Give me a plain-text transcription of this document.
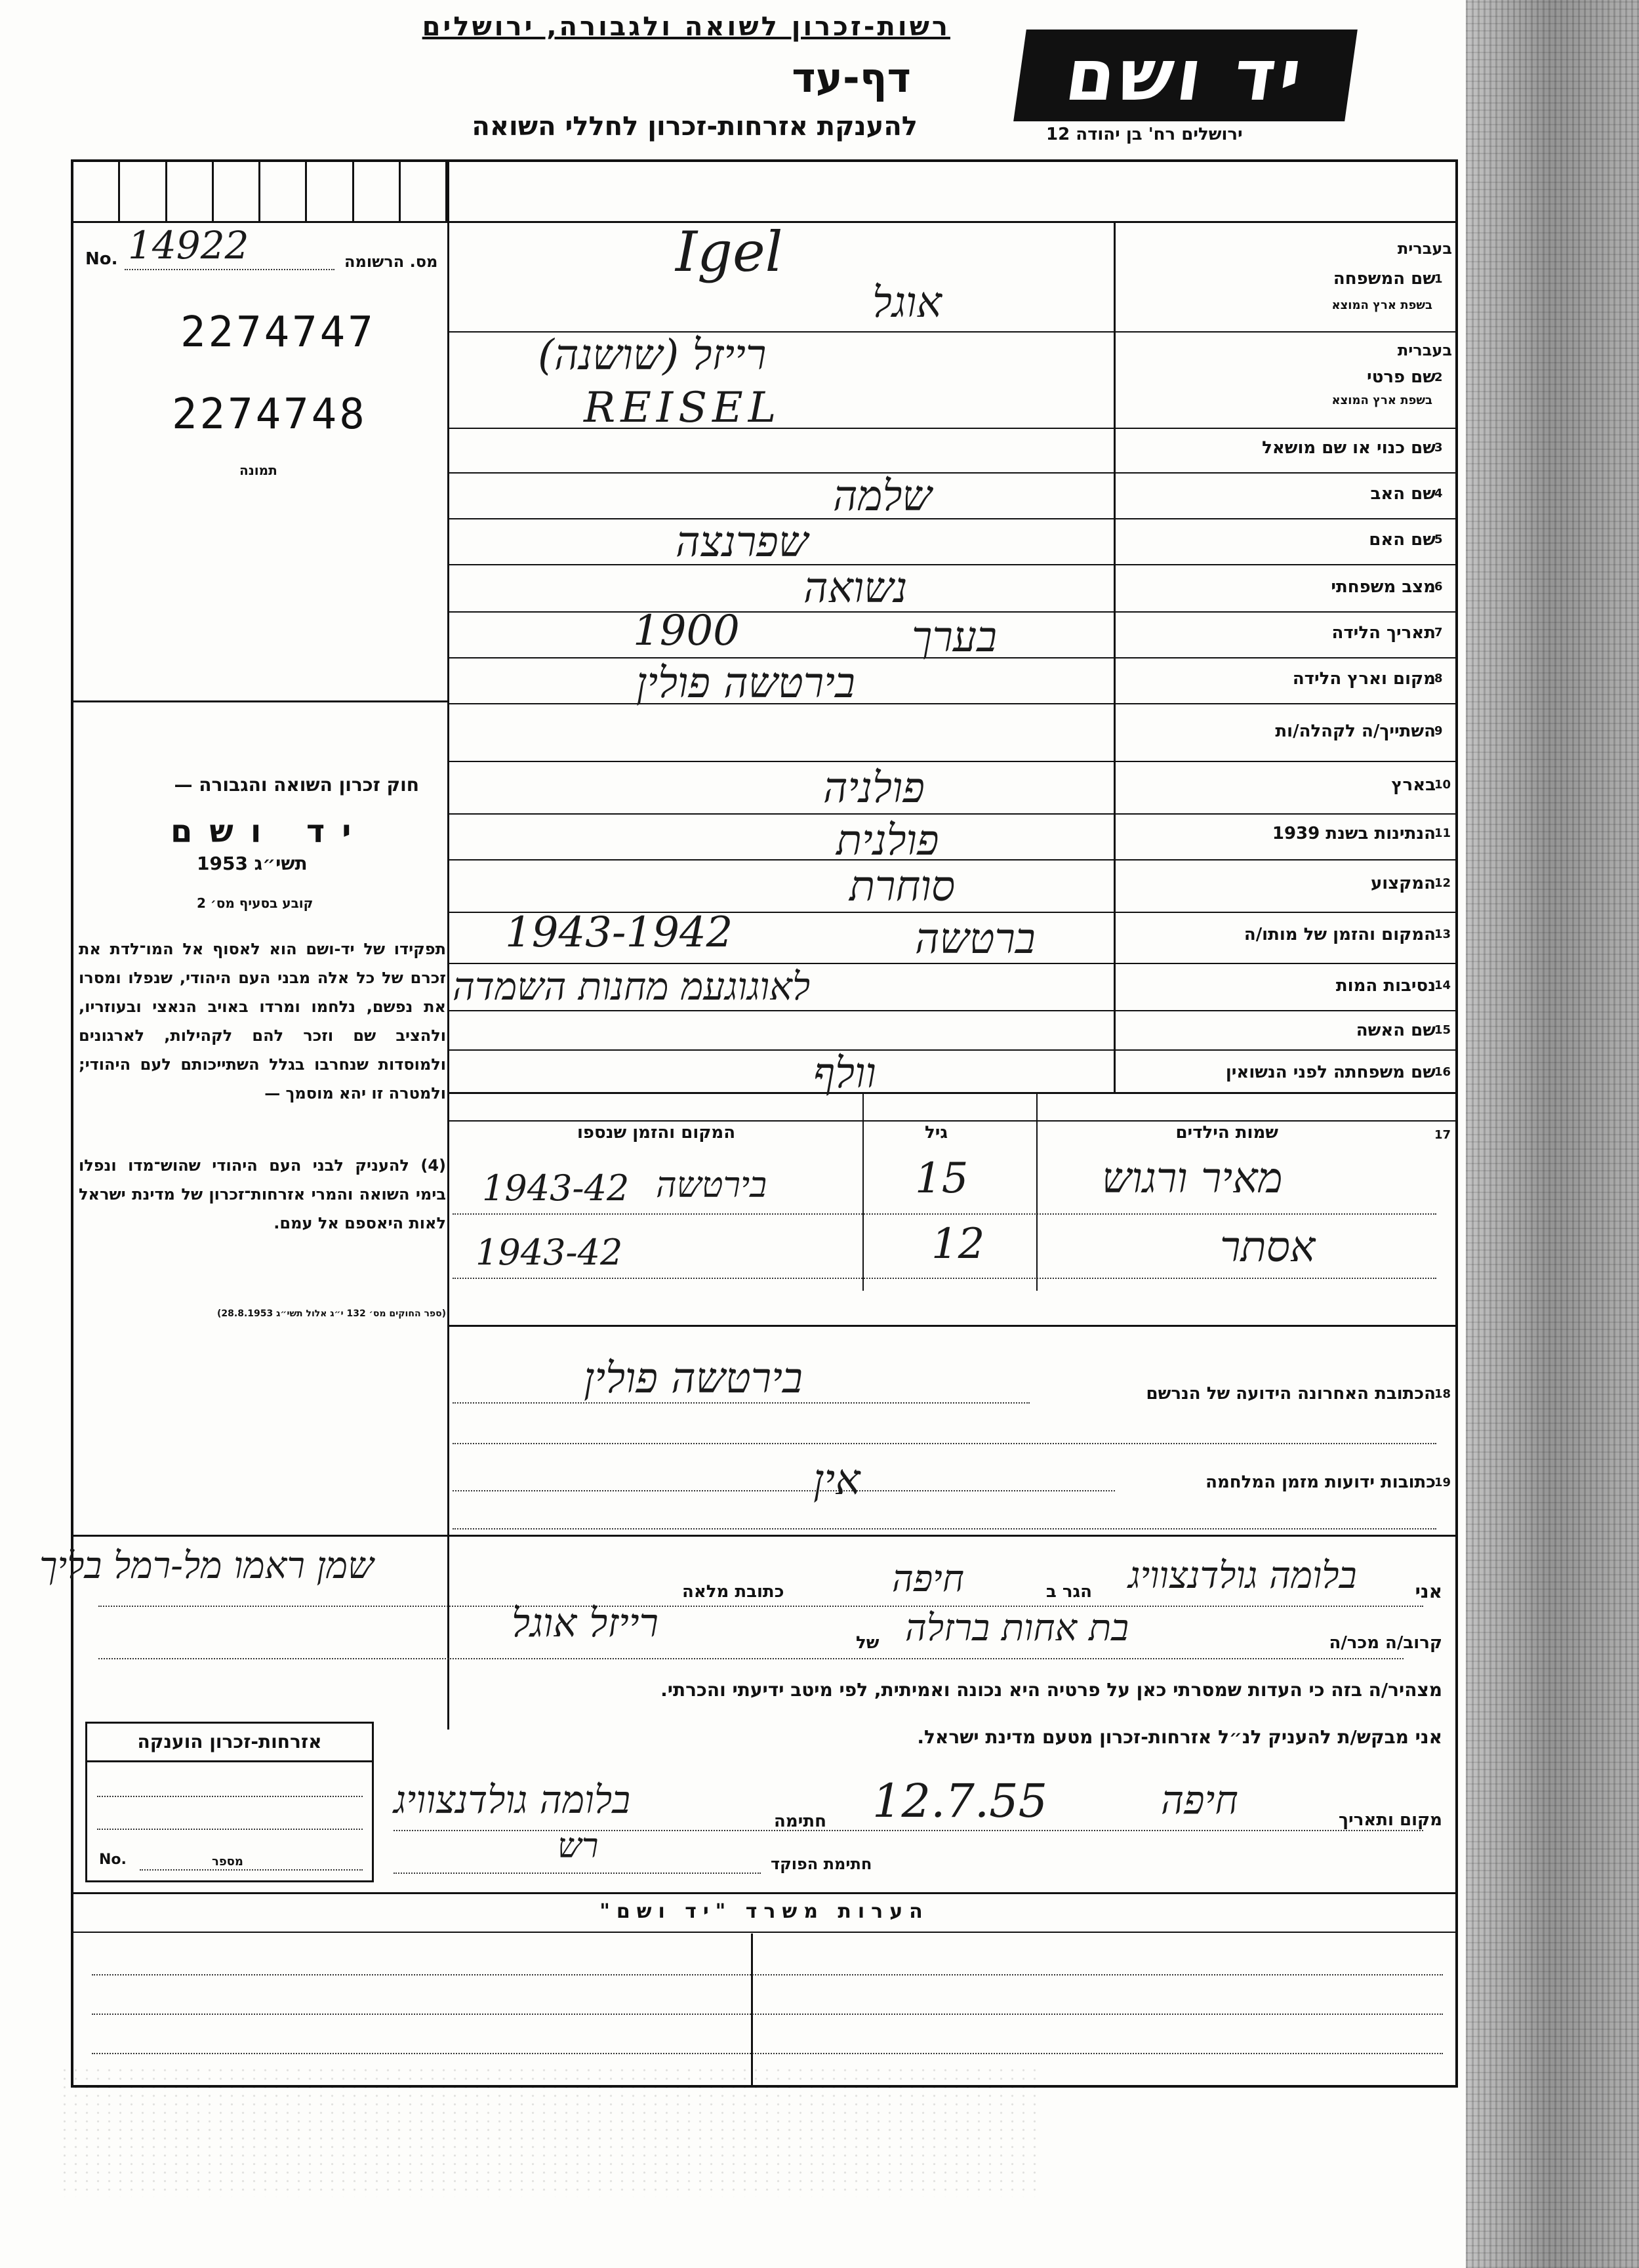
רשות-זכרון לשואה ולגבורה, ירושלים
דף-עד
להענקת אזרחות-זכרון לחללי השואה
יד ושם
ירושלים רח' בן יהודה 12
מס. הרשומה
No. 14922
2274747
2274748
תמונה
חוק זכרון השואה והגבורה —
יד ושם
תשי״ג 1953
קובע בסעיף מס׳ 2
תפקידו של יד-ושם הוא לאסוף אל המו־לדת את זכרם של כל אלה מבני העם היהודי, שנפלו ומסרו את נפשם, נלחמו ומרדו באויב הנאצי ובעוזריו, ולהציב שם וזכר להם לקהילות, לארגונים ולמוסדות שנחרבו בגלל השתייכותם לעם היהודי; ולמטרה זו יהא מוסמך —
(4) להעניק לבני העם היהודי שהוש־מדו ונפלו בימי השואה והמרי אזרחות־זכרון של מדינת ישראל לאות היאספם אל עמם.
(ספר החוקים מס׳ 132 י״ג אלול תשי״ג 28.8.1953)
בעברית
שם המשפחה
1
בשפת ארץ המוצא
בעברית
שם פרטי
2
בשפת ארץ המוצא
שם כנוי או שם מושאל
3
שם האב
4
שם האם
5
מצב משפחתי
6
תאריך הלידה
7
מקום וארץ הלידה
8
השתייך/ה לקהלה/ות
9
בארץ
10
הנתינות בשנת 1939
11
המקצוע
12
המקום והזמן של מותו/ה
13
נסיבות המות
14
שם האשה
15
שם משפחתה לפני הנשואין
16
Igel
אוגל
רייזל (שושנה)
REISEL
שלמה
שפרנצה
נשואה
בערך
1900
בירטשה פולין
פולניה
פולנית
סוחרת
ברטשה
1943-1942
לאוגוגעמ מחנות השמדה
וולף
17
שמות הילדים
גיל
המקום והזמן שנספו
מאיר ורגוש
15
בירטשה
1943-42
אסתר
12
1943-42
הכתובת האחרונה הידועה של הנרשם
18
בירטשה פולין
כתובות ידועות מזמן המלחמה
19
אין
אני
בלומה גולדנצוויג
הגר ב
חיפה
כתובת מלאה
שמן ראמו מל-רמל בליך
קרוב/ה מכר/ה
בת אחות ברזלה
של
רייזל אוגל
מצהיר/ה בזה כי העדות שמסרתי כאן על פרטיה היא נכונה ואמיתית, לפי מיטב ידיעתי והכרתי.
אני מבקש/ת להעניק לנ״ל אזרחות-זכרון מטעם מדינת ישראל.
מקום ותאריך
חיפה
12.7.55
חתימה
בלומה גולדנצוויג
רש	חתימת הפוקד
אזרחות-זכרון הוענקה
No.	מספר
הערות משרד "יד ושם"
